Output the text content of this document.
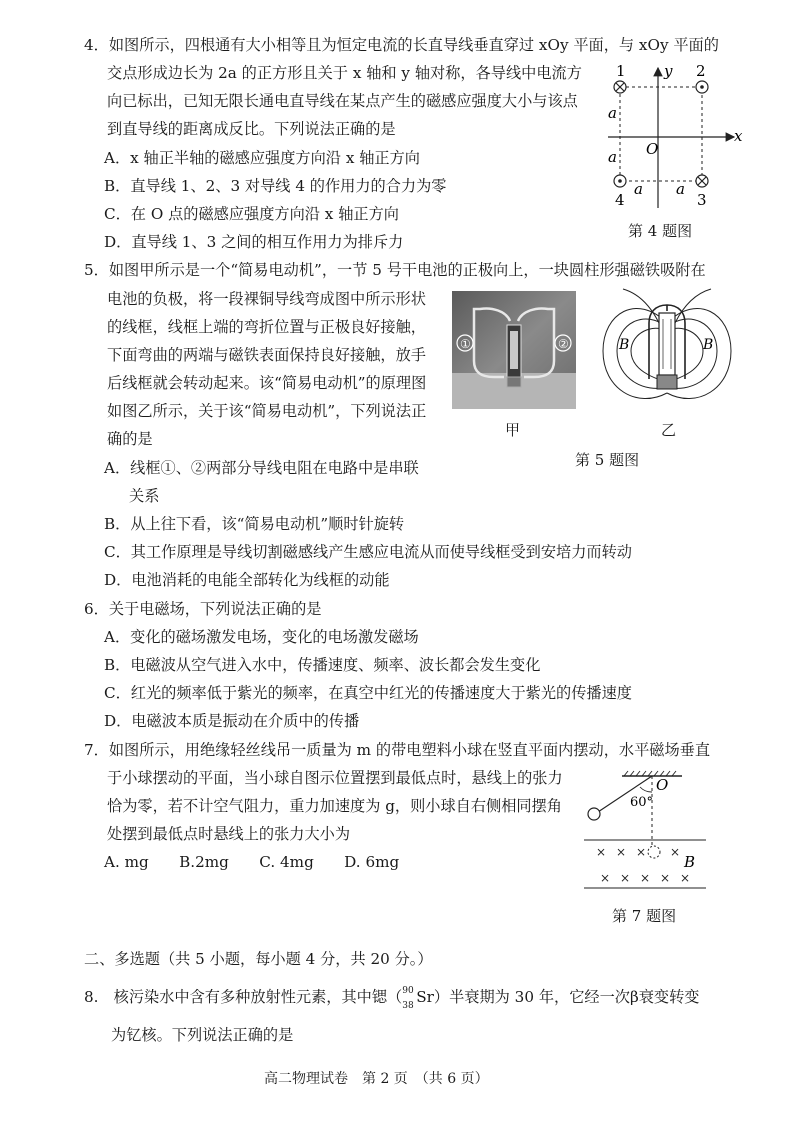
4．如图所示，四根通有大小相等且为恒定电流的长直导线垂直穿过 xOy 平面，与 xOy 平面的
交点形成边长为 2a 的正方形且关于 x 轴和 y 轴对称，各导线中电流方
向已标出，已知无限长通电直导线在某点产生的磁感应强度大小与该点
到直导线的距离成反比。下列说法正确的是
A．x 轴正半轴的磁感应强度方向沿 x 轴正方向
B．直导线 1、2、3 对导线 4 的作用力的合力为零
C．在 O 点的磁感应强度方向沿 x 轴正方向
D．直导线 1、3 之间的相互作用力为排斥力
1	2
3
4
y
x
O
a
a
a a
第 4 题图
5．如图甲所示是一个“简易电动机”，一节 5 号干电池的正极向上，一块圆柱形强磁铁吸附在
电池的负极，将一段裸铜导线弯成图中所示形状
的线框，线框上端的弯折位置与正极良好接触，
下面弯曲的两端与磁铁表面保持良好接触，放手
后线框就会转动起来。该“简易电动机”的原理图
如图乙所示，关于该“简易电动机”，下列说法正
确的是
A．线框①、②两部分导线电阻在电路中是串联
关系
B．从上往下看，该“简易电动机”顺时针旋转
C．其工作原理是导线切割磁感线产生感应电流从而使导线框受到安培力而转动
D．电池消耗的电能全部转化为线框的动能
①	②
甲
B	B
乙
第 5 题图
6．关于电磁场，下列说法正确的是
A．变化的磁场激发电场，变化的电场激发磁场
B．电磁波从空气进入水中，传播速度、频率、波长都会发生变化
C．红光的频率低于紫光的频率，在真空中红光的传播速度大于紫光的传播速度
D．电磁波本质是振动在介质中的传播
7．如图所示，用绝缘轻丝线吊一质量为 m 的带电塑料小球在竖直平面内摆动，水平磁场垂直
于小球摆动的平面，当小球自图示位置摆到最低点时，悬线上的张力
恰为零，若不计空气阻力，重力加速度为 g，则小球自右侧相同摆角
处摆到最低点时悬线上的张力大小为
A. mg　　B.2mg　　C. 4mg　　D. 6mg
60°
O
× × × ×
× × × × ×
B
第 7 题图
二、多选题（共 5 小题，每小题 4 分，共 20 分。）
8.　核污染水中含有多种放射性元素，其中锶（ 90
38 Sr）半衰期为 30 年，它经一次β衰变转变
为钇核。下列说法正确的是
高二物理试卷　第 2 页　（共 6 页）
